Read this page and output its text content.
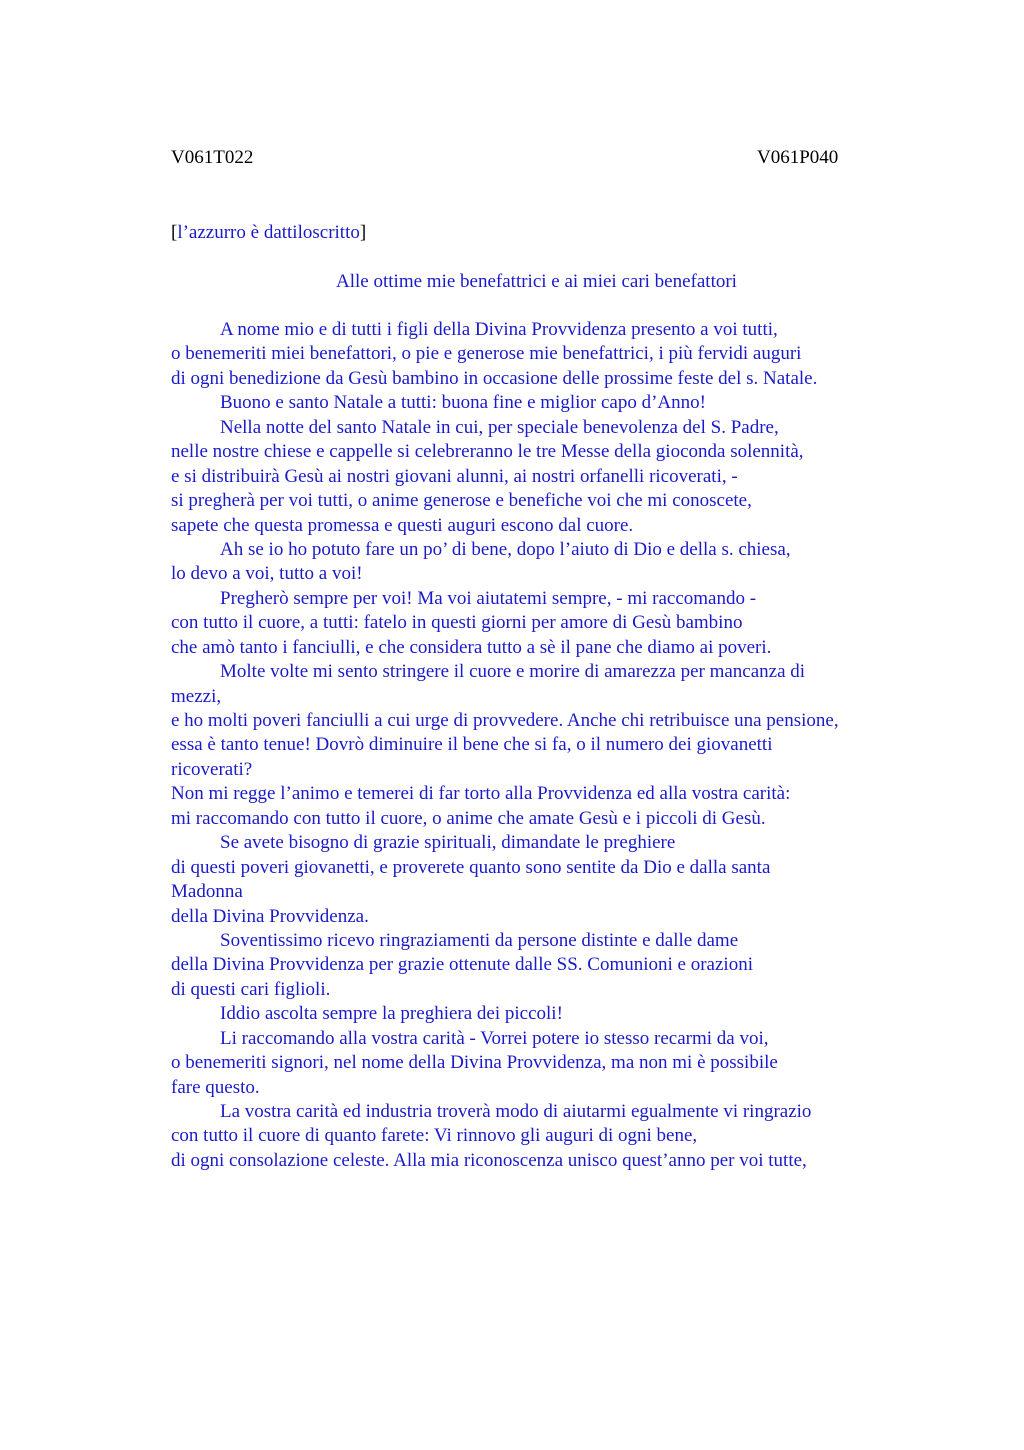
V061T022	V061P040
[l’azzurro è dattiloscritto]
Alle ottime mie benefattrici e ai miei cari benefattori
A nome mio e di tutti i figli della Divina Provvidenza presento a voi tutti,
o benemeriti miei benefattori, o pie e generose mie benefattrici, i più fervidi auguri
di ogni benedizione da Gesù bambino in occasione delle prossime feste del s. Natale.
Buono e santo Natale a tutti: buona fine e miglior capo d’Anno!
Nella notte del santo Natale in cui, per speciale benevolenza del S. Padre,
nelle nostre chiese e cappelle si celebreranno le tre Messe della gioconda solennità,
e si distribuirà Gesù ai nostri giovani alunni, ai nostri orfanelli ricoverati, -
si pregherà per voi tutti, o anime generose e benefiche voi che mi conoscete,
sapete che questa promessa e questi auguri escono dal cuore.
Ah se io ho potuto fare un po’ di bene, dopo l’aiuto di Dio e della s. chiesa,
lo devo a voi, tutto a voi!
Pregherò sempre per voi! Ma voi aiutatemi sempre, - mi raccomando -
con tutto il cuore, a tutti: fatelo in questi giorni per amore di Gesù bambino
che amò tanto i fanciulli, e che considera tutto a sè il pane che diamo ai poveri.
Molte volte mi sento stringere il cuore e morire di amarezza per mancanza di
mezzi,
e ho molti poveri fanciulli a cui urge di provvedere. Anche chi retribuisce una pensione,
essa è tanto tenue! Dovrò diminuire il bene che si fa, o il numero dei giovanetti
ricoverati?
Non mi regge l’animo e temerei di far torto alla Provvidenza ed alla vostra carità:
mi raccomando con tutto il cuore, o anime che amate Gesù e i piccoli di Gesù.
Se avete bisogno di grazie spirituali, dimandate le preghiere
di questi poveri giovanetti, e proverete quanto sono sentite da Dio e dalla santa
Madonna
della Divina Provvidenza.
Soventissimo ricevo ringraziamenti da persone distinte e dalle dame
della Divina Provvidenza per grazie ottenute dalle SS. Comunioni e orazioni
di questi cari figlioli.
Iddio ascolta sempre la preghiera dei piccoli!
Li raccomando alla vostra carità - Vorrei potere io stesso recarmi da voi,
o benemeriti signori, nel nome della Divina Provvidenza, ma non mi è possibile
fare questo.
La vostra carità ed industria troverà modo di aiutarmi egualmente vi ringrazio
con tutto il cuore di quanto farete: Vi rinnovo gli auguri di ogni bene,
di ogni consolazione celeste. Alla mia riconoscenza unisco quest’anno per voi tutte,
